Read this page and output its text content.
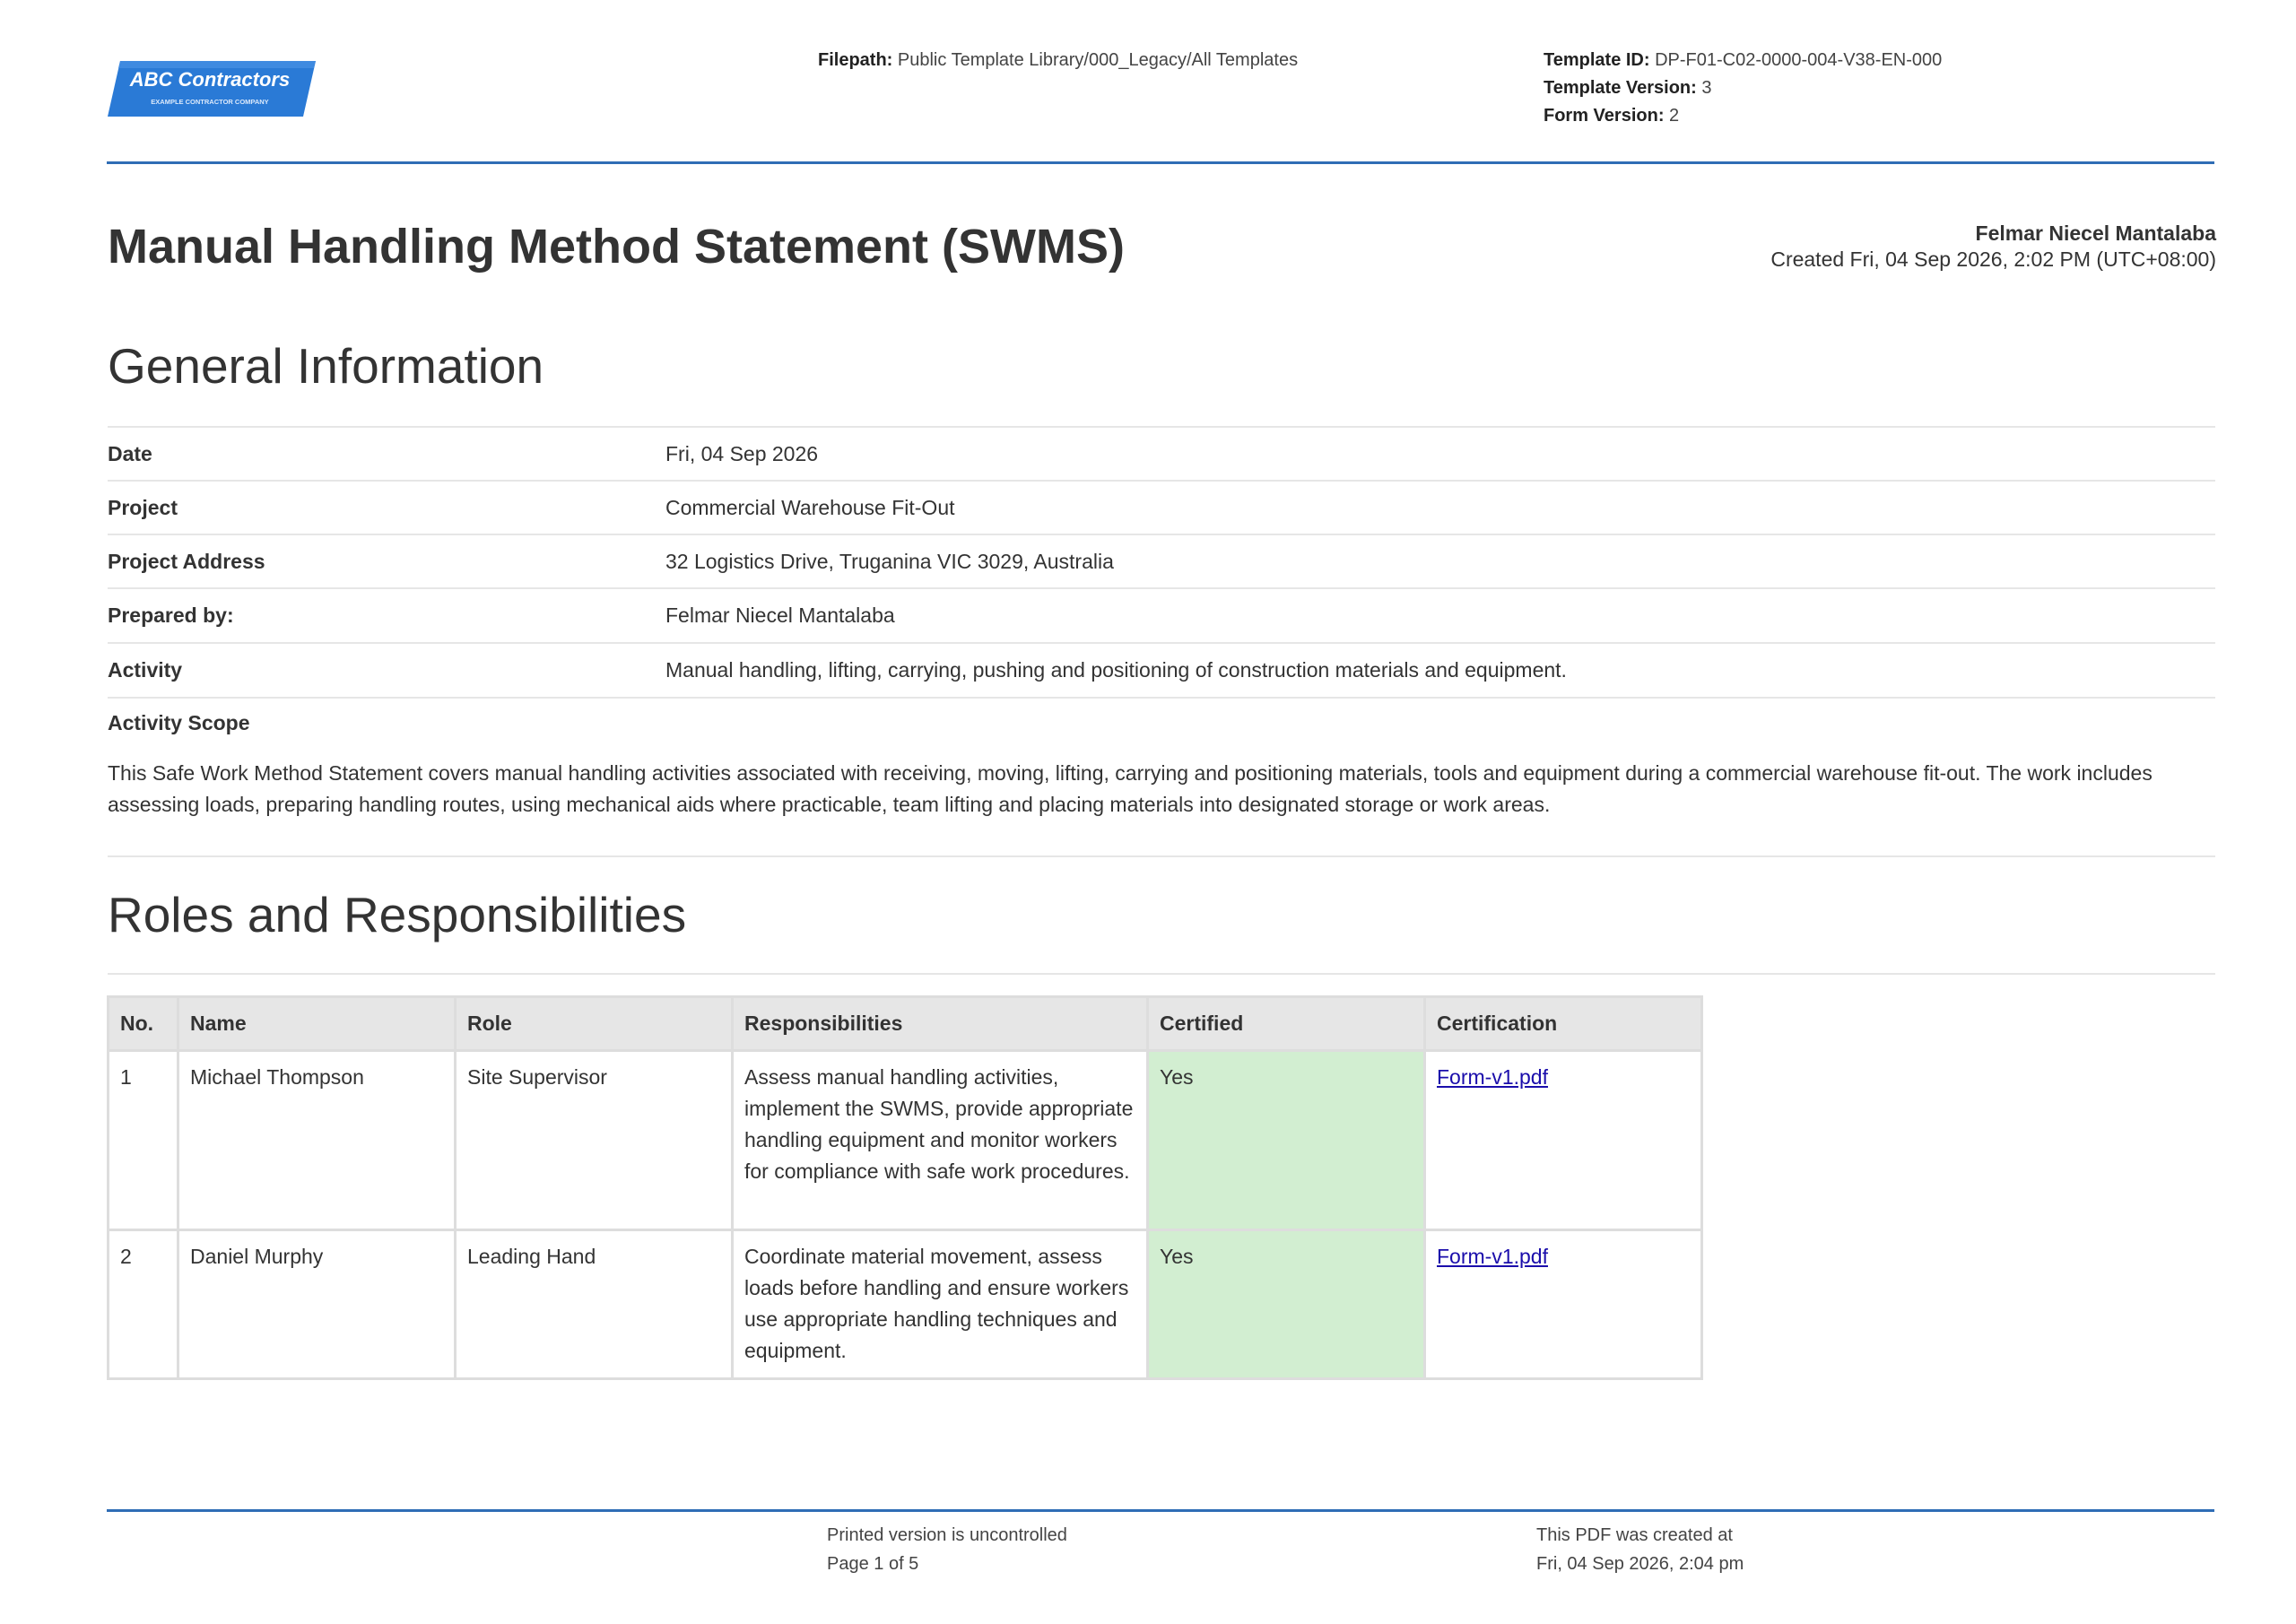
ABC Contractors
EXAMPLE CONTRACTOR COMPANY
Filepath: Public Template Library/000_Legacy/All Templates	Template ID: DP-F01-C02-0000-004-V38-EN-000
Template Version: 3
Form Version: 2
Manual Handling Method Statement (SWMS)	Felmar Niecel Mantalaba
Created Fri, 04 Sep 2026, 2:02 PM (UTC+08:00)
General Information
Date	Fri, 04 Sep 2026
Project	Commercial Warehouse Fit-Out
Project Address	32 Logistics Drive, Truganina VIC 3029, Australia
Prepared by:	Felmar Niecel Mantalaba
Activity	Manual handling, lifting, carrying, pushing and positioning of construction materials and equipment.
Activity Scope
This Safe Work Method Statement covers manual handling activities associated with receiving, moving, lifting, carrying and positioning materials, tools and equipment during a commercial warehouse fit-out. The work includes assessing loads, preparing handling routes, using mechanical aids where practicable, team lifting and placing materials into designated storage or work areas.
Roles and Responsibilities
No.	Name	Role	Responsibilities	Certified	Certification
1	Michael Thompson	Site Supervisor	Assess manual handling activities, implement the SWMS, provide appropriate handling equipment and monitor workers for compliance with safe work procedures.	Yes	Form-v1.pdf
2	Daniel Murphy	Leading Hand	Coordinate material movement, assess loads before handling and ensure workers use appropriate handling techniques and equipment.	Yes	Form-v1.pdf
Printed version is uncontrolled
Page 1 of 5
This PDF was created at
Fri, 04 Sep 2026, 2:04 pm
